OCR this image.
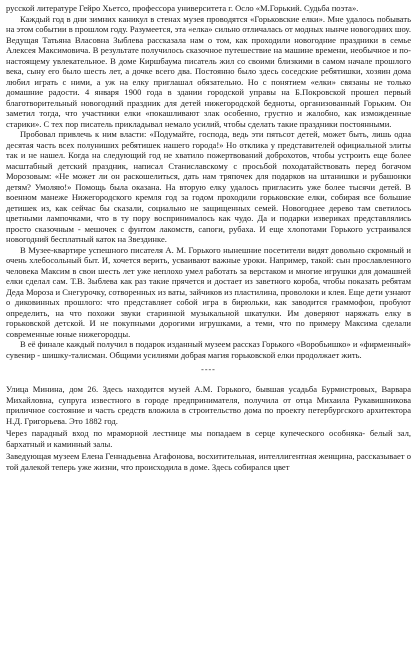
русской литературе Гейро Хьетсо, профессора университета г. Осло «М.Горький. Судьба поэта».

Каждый год в дни зимних каникул в стенах музея проводятся «Горьковские елки». Мне удалось побывать на этом событии в прошлом году. Разумеется, эта «елка» сильно отличалась от модных нынче новогодних шоу. Ведущая Татьяна Власовна Зыблева рассказала нам о том, как проходили новогодние праздники в семье Алексея Максимовича. В результате получилось сказочное путешествие на машине времени, необычное и по-настоящему увлекательное. В доме Киршбаума писатель жил со своими близкими в самом начале прошлого века, сыну его было шесть лет, а дочке всего два. Постоянно было здесь соседские ребятишки, хозяин дома любил играть с ними, а уж на елку приглашал обязательно. Но с понятием «елки» связаны не только домашние радости. 4 января 1900 года в здании городской управы на Б.Покровской прошел первый благотворительный новогодний праздник для детей нижегородской бедноты, организованный Горьким. Он заметил тогда, что участники елки «покашливают злак особенно, грустно и жалобно, как изможденные старики». С тех пор писатель прикладывал немало усилий, чтобы сделать такие праздники постоянными.

Пробовал привлечь к ним власти: «Подумайте, господа, ведь эти пятьсот детей, может быть, лишь одна десятая часть всех полуниших ребятишек нашего города!» Но отклика у представителей официальной элиты так и не нашел. Когда на следующий год не хватило пожертвований доброхотов, чтобы устроить еще более масштабный детский праздник, написал Станиславскому с просьбой походатайствовать перед богачом Морозовым: «Не может ли он раскошелиться, дать нам тряпочек для подарков на штанишки и рубашонки детям? Умоляю!» Помощь была оказана. На вторую елку удалось пригласить уже более тысячи детей. В военном манеже Нижегородского кремля год за годом проходили горьковские елки, собирая все большие детишек из, как сейчас бы сказали, социально не защищенных семей. Новогоднее дерево там светилось цветными лампочками, что в ту пору воспринималось как чудо. Да и подарки извериках представлялись просто сказочным - мешочек с фунтом лакомств, сапоги, рубаха. И еще хлопотами Горького устраивался новогодний бесплатный каток на Звездинке.

В Музее-квартире успешного писателя А. М. Горького нынешние посетители видят довольно скромный и очень хлебосольный быт. И, хочется верить, усваивают важные уроки. Например, такой: сын прославленного человека Максим в свои шесть лет уже неплохо умел работать за верстаком и многие игрушки для домашней елки сделал сам. Т.В. Зыблева как раз такие прячется и достает из заветного короба, чтобы показать ребятам Деда Мороза и Снегурочку, сотворенных из ваты, зайчиков из пластилина, проволоки и клея. Еще дети узнают о диковинных прошлого: что представляет собой игра в бирюльки, как заводится граммофон, пробуют определить, на что похожи звуки старинной музыкальной шкатулки. Им доверяют наряжать елку в горьковской детской. И не покупными дорогими игрушками, а теми, что по примеру Максима сделали современные юные нижегородцы.

В её финале каждый получил в подарок изданный музеем рассказ Горького «Воробьишко» и «фирменный» сувенир - шишку-талисман. Общими усилиями добрая магия горьковской елки продолжает жить.

----

Улица Минина, дом 26. Здесь находится музей А.М. Горького, бывшая усадьба Бурмистровых, Варвара Михайловна, супруга известного в городе предпринимателя, получила от отца Михаила Рукавишникова приличное состояние и часть средств вложила в строительство дома по проекту петербургского архитектора Н.Д. Григорьева. Это 1882 год.

Через парадный вход по мраморной лестнице мы попадаем в серце купеческого особняка- белый зал, бархатный и каминный залы.

Заведующая музеем Елена Геннадьевна Агафонова, восхитительная, интеллигентная женщина, рассказывает о той далекой теперь уже жизни, что происходила в доме. Здесь собирался цвет
